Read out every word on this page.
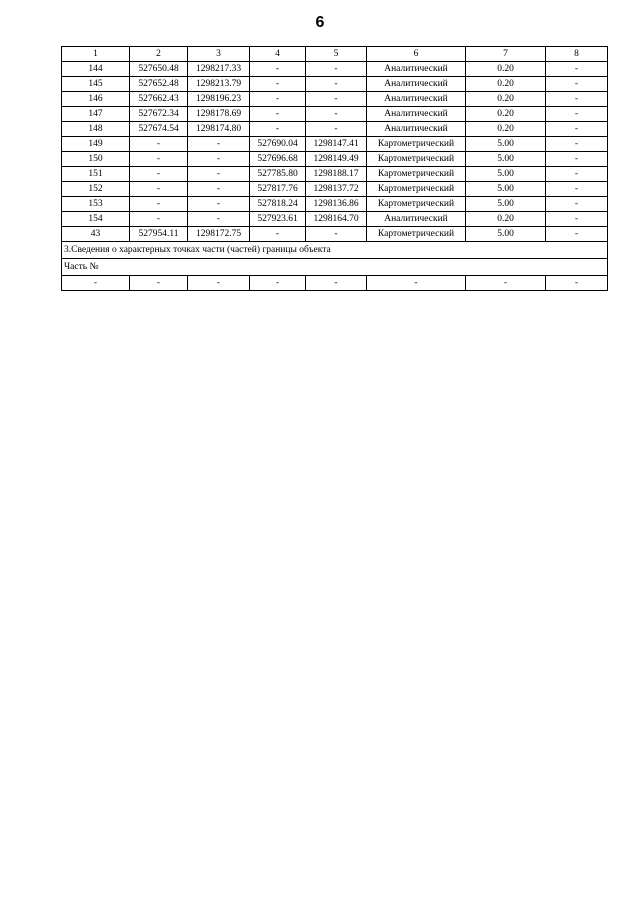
6
1	2	3	4	5	6	7	8
144	527650.48	1298217.33	-	-	Аналитический	0.20	-
145	527652.48	1298213.79	-	-	Аналитический	0.20	-
146	527662.43	1298196.23	-	-	Аналитический	0.20	-
147	527672.34	1298178.69	-	-	Аналитический	0.20	-
148	527674.54	1298174.80	-	-	Аналитический	0.20	-
149	-	-	527690.04	1298147.41	Картометрический	5.00	-
150	-	-	527696.68	1298149.49	Картометрический	5.00	-
151	-	-	527785.80	1298188.17	Картометрический	5.00	-
152	-	-	527817.76	1298137.72	Картометрический	5.00	-
153	-	-	527818.24	1298136.86	Картометрический	5.00	-
154	-	-	527923.61	1298164.70	Аналитический	0.20	-
43	527954.11	1298172.75	-	-	Картометрический	5.00	-
3.Сведения о характерных точках части (частей) границы объекта							
Часть №							
-	-	-	-	-	-	-	-
